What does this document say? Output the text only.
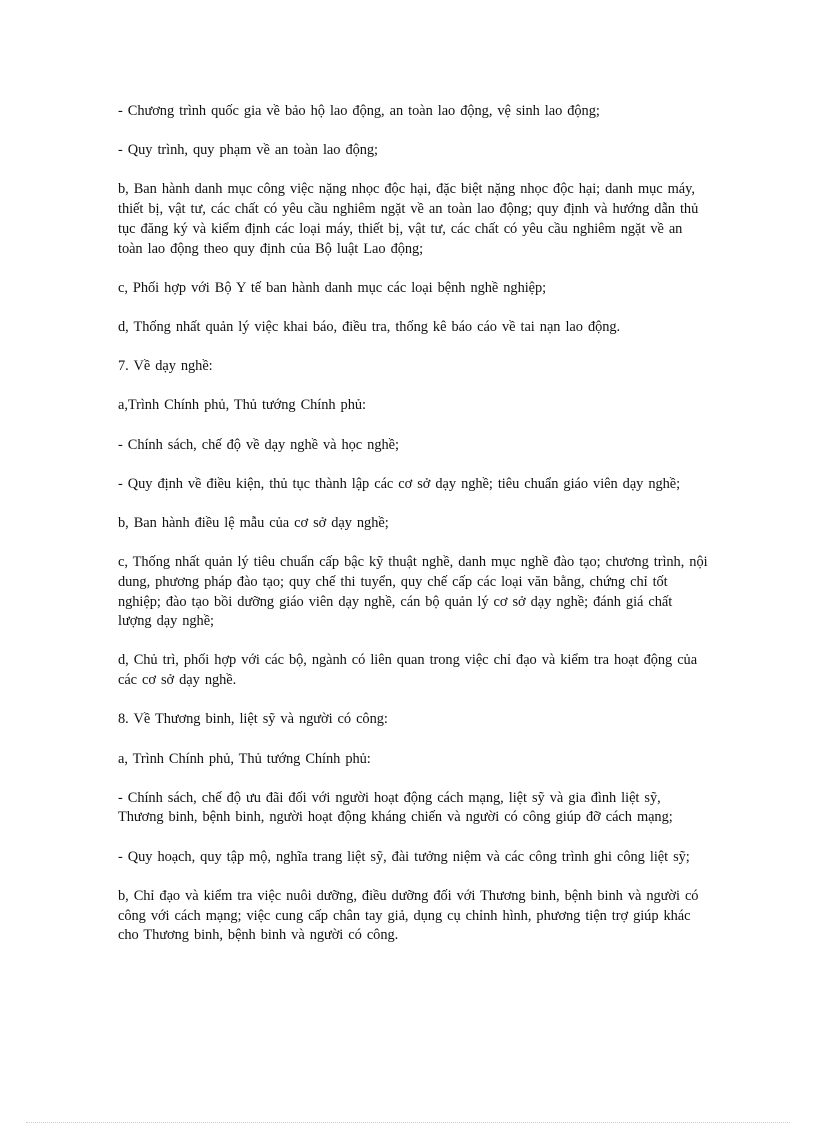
- Chương trình quốc gia về bảo hộ lao động, an toàn lao động, vệ sinh lao động;

- Quy trình, quy phạm về an toàn lao động;

b, Ban hành danh mục công việc nặng nhọc độc hại, đặc biệt nặng nhọc độc hại; danh mục máy, thiết bị, vật tư, các chất có yêu cầu nghiêm ngặt về an toàn lao động; quy định và hướng dẫn thủ tục đăng ký và kiểm định các loại máy, thiết bị, vật tư, các chất có yêu cầu nghiêm ngặt về an toàn lao động theo quy định của Bộ luật Lao động;

c, Phối hợp với Bộ Y tế ban hành danh mục các loại bệnh nghề nghiệp;

d, Thống nhất quản lý việc khai báo, điều tra, thống kê báo cáo về tai nạn lao động.

7. Về dạy nghề:

a,Trình Chính phủ, Thủ tướng Chính phủ:

- Chính sách, chế độ về dạy nghề và học nghề;

- Quy định về điều kiện, thủ tục thành lập các cơ sở dạy nghề; tiêu chuẩn giáo viên dạy nghề;

b, Ban hành điều lệ mẫu của cơ sở dạy nghề;

c, Thống nhất quản lý tiêu chuẩn cấp bậc kỹ thuật nghề, danh mục nghề đào tạo; chương trình, nội dung, phương pháp đào tạo; quy chế thi tuyển, quy chế cấp các loại văn bằng, chứng chỉ tốt nghiệp; đào tạo bồi dưỡng giáo viên dạy nghề, cán bộ quản lý cơ sở dạy nghề; đánh giá chất lượng dạy nghề;

d, Chủ trì, phối hợp với các bộ, ngành có liên quan trong việc chỉ đạo và kiểm tra hoạt động của các cơ sở dạy nghề.

8. Về Thương binh, liệt sỹ và người có công:

a, Trình Chính phủ, Thủ tướng Chính phủ:

- Chính sách, chế độ ưu đãi đối với người hoạt động cách mạng, liệt sỹ và gia đình liệt sỹ, Thương binh, bệnh binh, người hoạt động kháng chiến và người có công giúp đỡ cách mạng;

- Quy hoạch, quy tập mộ, nghĩa trang liệt sỹ, đài tưởng niệm và các công trình ghi công liệt sỹ;

b, Chỉ đạo và kiểm tra việc nuôi dưỡng, điều dưỡng đối với Thương binh, bệnh binh và người có công với cách mạng; việc cung cấp chân tay giả, dụng cụ chỉnh hình, phương tiện trợ giúp khác cho Thương binh, bệnh binh và người có công.
